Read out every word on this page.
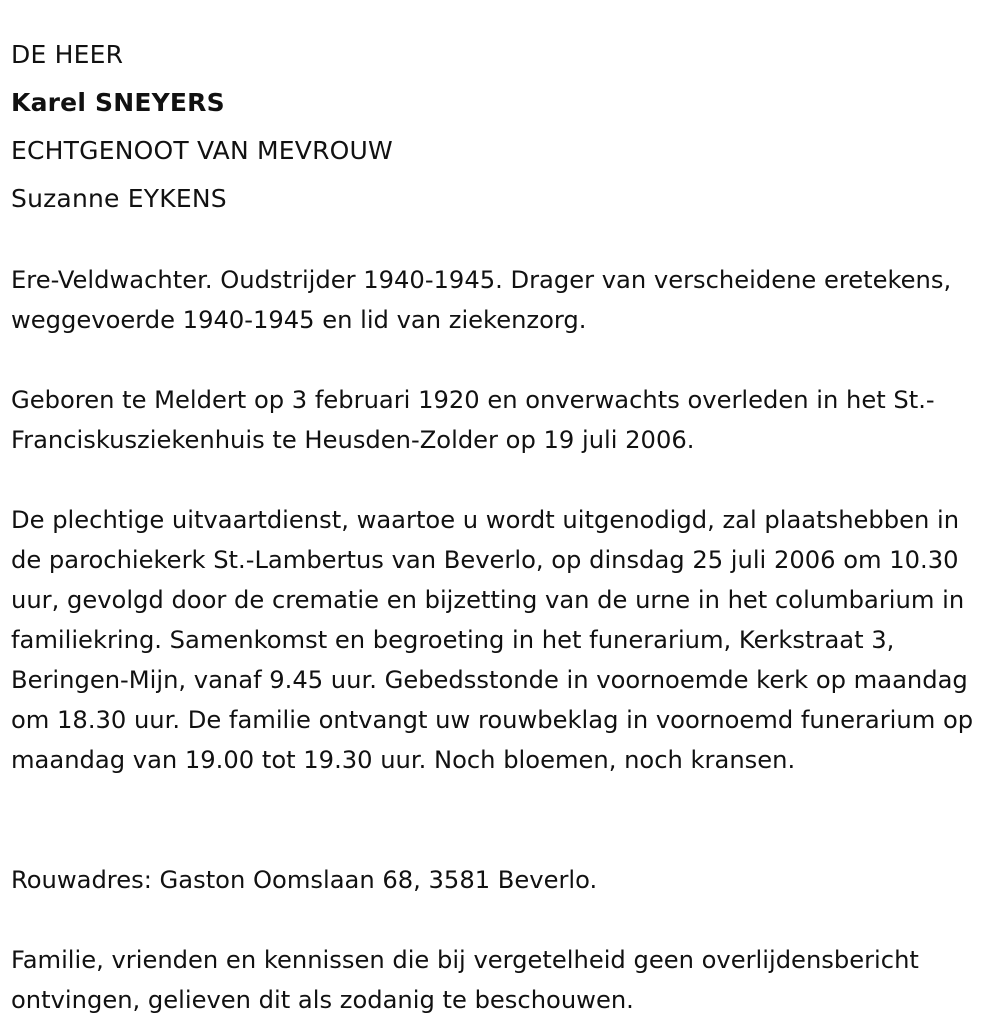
DE HEER
Karel SNEYERS
ECHTGENOOT VAN MEVROUW
Suzanne EYKENS

Ere-Veldwachter. Oudstrijder 1940-1945. Drager van verscheidene eretekens, weggevoerde 1940-1945 en lid van ziekenzorg.

Geboren te Meldert op 3 februari 1920 en onverwachts overleden in het St.-Franciskusziekenhuis te Heusden-Zolder op 19 juli 2006.

De plechtige uitvaartdienst, waartoe u wordt uitgenodigd, zal plaatshebben in de parochiekerk St.-Lambertus van Beverlo, op dinsdag 25 juli 2006 om 10.30 uur, gevolgd door de crematie en bijzetting van de urne in het columbarium in familiekring. Samenkomst en begroeting in het funerarium, Kerkstraat 3, Beringen-Mijn, vanaf 9.45 uur. Gebedsstonde in voornoemde kerk op maandag om 18.30 uur. De familie ontvangt uw rouwbeklag in voornoemd funerarium op maandag van 19.00 tot 19.30 uur. Noch bloemen, noch kransen.

Rouwadres: Gaston Oomslaan 68, 3581 Beverlo.

Familie, vrienden en kennissen die bij vergetelheid geen overlijdensbericht ontvingen, gelieven dit als zodanig te beschouwen.
